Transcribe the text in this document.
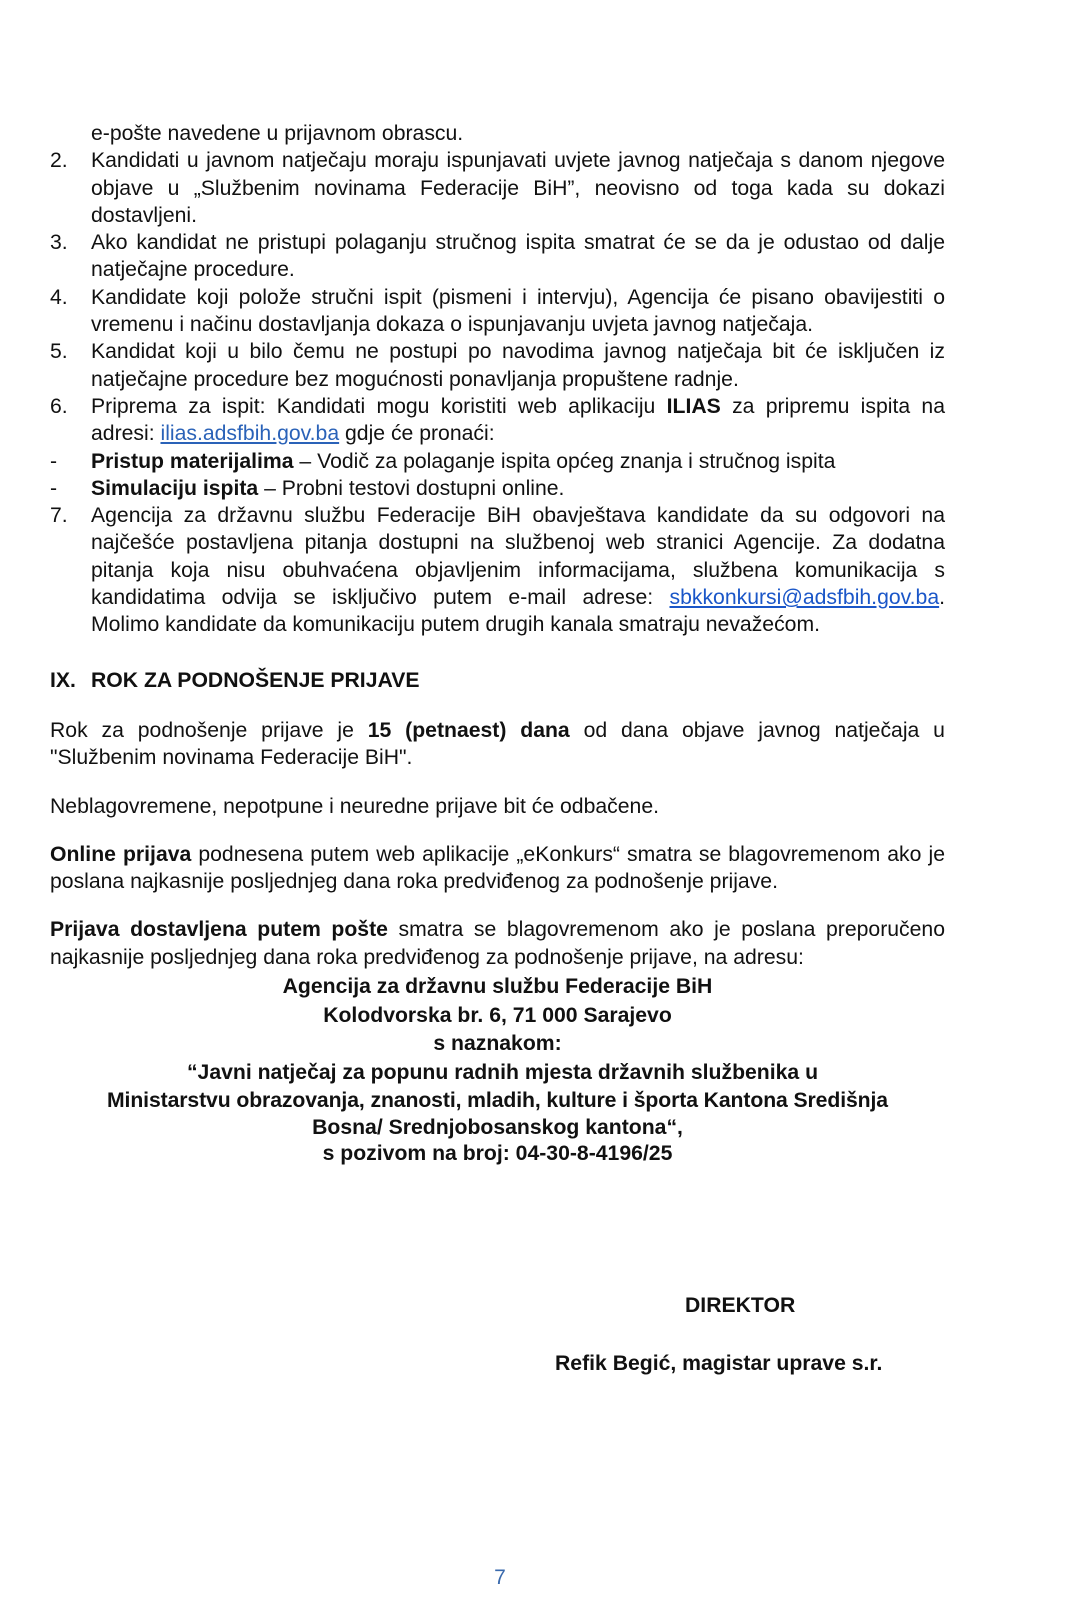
e-pošte navedene u prijavnom obrascu.
2. Kandidati u javnom natječaju moraju ispunjavati uvjete javnog natječaja s danom njegove objave u „Službenim novinama Federacije BiH”, neovisno od toga kada su dokazi dostavljeni.
3. Ako kandidat ne pristupi polaganju stručnog ispita smatrat će se da je odustao od dalje natječajne procedure.
4. Kandidate koji polože stručni ispit (pismeni i intervju), Agencija će pisano obavijestiti o vremenu i načinu dostavljanja dokaza o ispunjavanju uvjeta javnog natječaja.
5. Kandidat koji u bilo čemu ne postupi po navodima javnog natječaja bit će isključen iz natječajne procedure bez mogućnosti ponavljanja propuštene radnje.
6. Priprema za ispit: Kandidati mogu koristiti web aplikaciju ILIAS za pripremu ispita na adresi: ilias.adsfbih.gov.ba gdje će pronaći:
- Pristup materijalima – Vodič za polaganje ispita općeg znanja i stručnog ispita
- Simulaciju ispita – Probni testovi dostupni online.
7. Agencija za državnu službu Federacije BiH obavještava kandidate da su odgovori na najčešće postavljena pitanja dostupni na službenoj web stranici Agencije. Za dodatna pitanja koja nisu obuhvaćena objavljenim informacijama, službena komunikacija s kandidatima odvija se isključivo putem e-mail adrese: sbkkonkursi@adsfbih.gov.ba. Molimo kandidate da komunikaciju putem drugih kanala smatraju nevažećom.
IX. ROK ZA PODNOŠENJE PRIJAVE

Rok za podnošenje prijave je 15 (petnaest) dana od dana objave javnog natječaja u "Službenim novinama Federacije BiH".

Neblagovremene, nepotpune i neuredne prijave bit će odbačene.

Online prijava podnesena putem web aplikacije „eKonkurs“ smatra se blagovremenom ako je poslana najkasnije posljednjeg dana roka predviđenog za podnošenje prijave.

Prijava dostavljena putem pošte smatra se blagovremenom ako je poslana preporučeno najkasnije posljednjeg dana roka predviđenog za podnošenje prijave, na adresu:

Agencija za državnu službu Federacije BiH
Kolodvorska br. 6, 71 000 Sarajevo
s naznakom:
“Javni natječaj za popunu radnih mjesta državnih službenika u
Ministarstvu obrazovanja, znanosti, mladih, kulture i športa Kantona Središnja
Bosna/ Srednjobosanskog kantona“,
s pozivom na broj: 04-30-8-4196/25
DIREKTOR
Refik Begić, magistar uprave s.r.
7
